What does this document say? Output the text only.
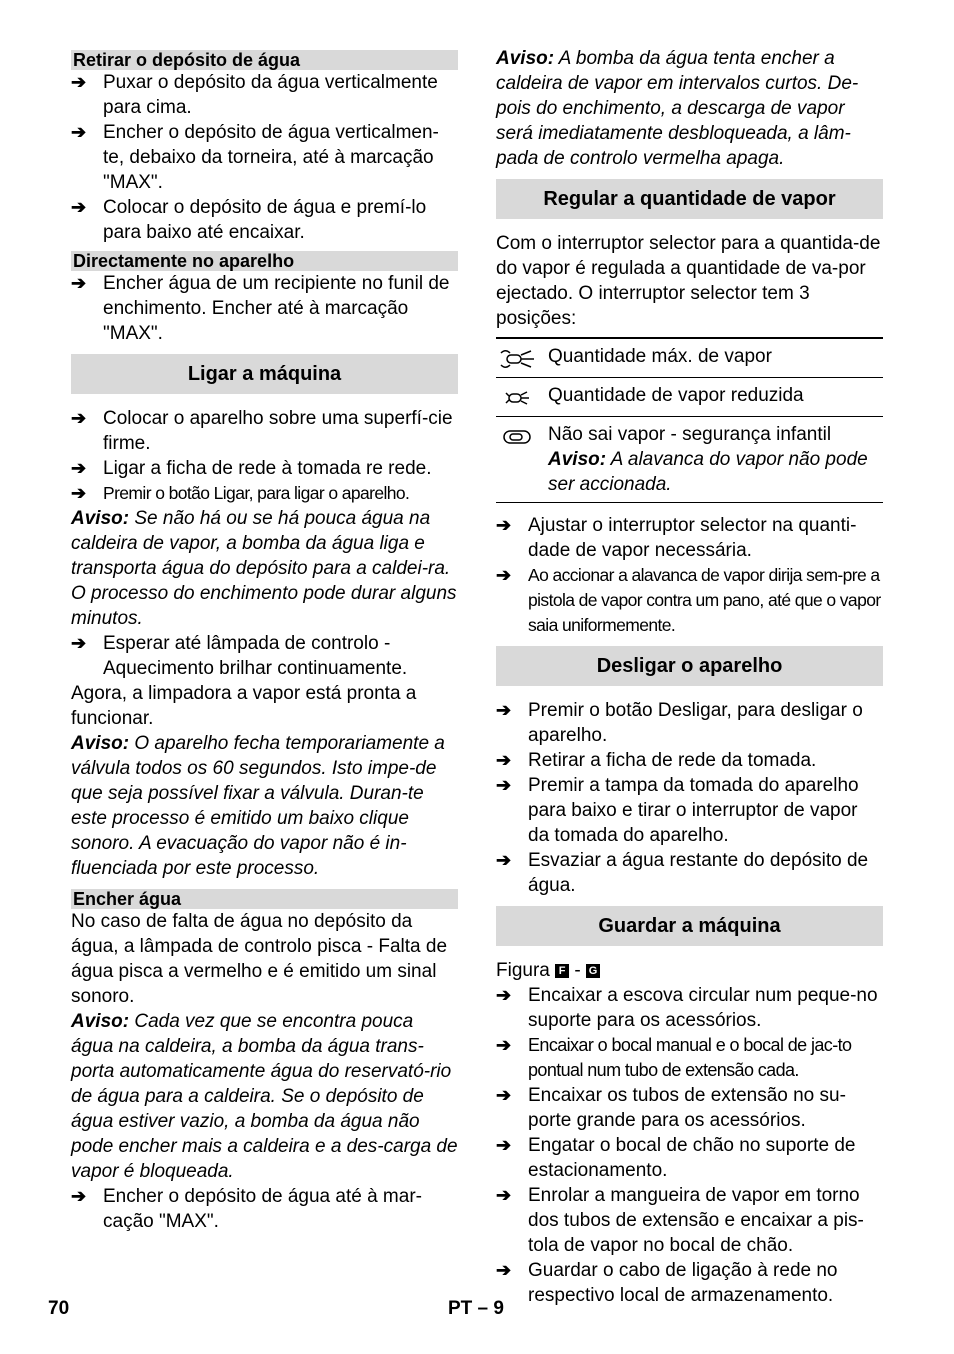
Retirar o depósito de água
➔ Puxar o depósito da água verticalmente para cima.
➔ Encher o depósito de água verticalmen-te, debaixo da torneira, até à marcação "MAX".
➔ Colocar o depósito de água e premí-lo para baixo até encaixar.
Directamente no aparelho
➔ Encher água de um recipiente no funil de enchimento. Encher até à marcação "MAX".
Ligar a máquina
➔ Colocar o aparelho sobre uma superfí-cie firme.
➔ Ligar a ficha de rede à tomada re rede.
➔ Premir o botão Ligar, para ligar o aparelho.

Aviso: Se não há ou se há pouca água na caldeira de vapor, a bomba da água liga e transporta água do depósito para a caldei-ra. O processo do enchimento pode durar alguns minutos.

➔ Esperar até lâmpada de controlo - Aquecimento brilhar continuamente.

Agora, a limpadora a vapor está pronta a funcionar.

Aviso: O aparelho fecha temporariamente a válvula todos os 60 segundos. Isto impe-de que seja possível fixar a válvula. Duran-te este processo é emitido um baixo clique sonoro. A evacuação do vapor não é in-fluenciada por este processo.

Encher água

No caso de falta de água no depósito da água, a lâmpada de controlo pisca - Falta de água pisca a vermelho e é emitido um sinal sonoro.

Aviso: Cada vez que se encontra pouca água na caldeira, a bomba da água trans-porta automaticamente água do reservató-rio de água para a caldeira. Se o depósito de água estiver vazio, a bomba da água não pode encher mais a caldeira e a des-carga de vapor é bloqueada.

➔ Encher o depósito de água até à mar-cação "MAX".

Aviso: A bomba da água tenta encher a caldeira de vapor em intervalos curtos. De-pois do enchimento, a descarga de vapor será imediatamente desbloqueada, a lâm-pada de controlo vermelha apaga.

Regular a quantidade de vapor

Com o interruptor selector para a quantida-de do vapor é regulada a quantidade de va-por ejectado. O interruptor selector tem 3 posições:

	Quantidade máx. de vapor

	Quantidade de vapor reduzida

Não sai vapor - segurança infantil
Aviso: A alavanca do vapor não pode ser accionada.
➔ Ajustar o interruptor selector na quanti-dade de vapor necessária.
➔ Ao accionar a alavanca de vapor dirija sem-pre a pistola de vapor contra um pano, até que o vapor saia uniformemente.
Desligar o aparelho
➔ Premir o botão Desligar, para desligar o aparelho.
➔ Retirar a ficha de rede da tomada.
➔ Premir a tampa da tomada do aparelho para baixo e tirar o interruptor de vapor da tomada do aparelho.
➔ Esvaziar a água restante do depósito de água.
Guardar a máquina

Figura F - G

➔ Encaixar a escova circular num peque-no suporte para os acessórios.
➔ Encaixar o bocal manual e o bocal de jac-to pontual num tubo de extensão cada.
➔ Encaixar os tubos de extensão no su-porte grande para os acessórios.
➔ Engatar o bocal de chão no suporte de estacionamento.
➔ Enrolar a mangueira de vapor em torno dos tubos de extensão e encaixar a pis-tola de vapor no bocal de chão.
➔ Guardar o cabo de ligação à rede no respectivo local de armazenamento.
70	PT – 9
